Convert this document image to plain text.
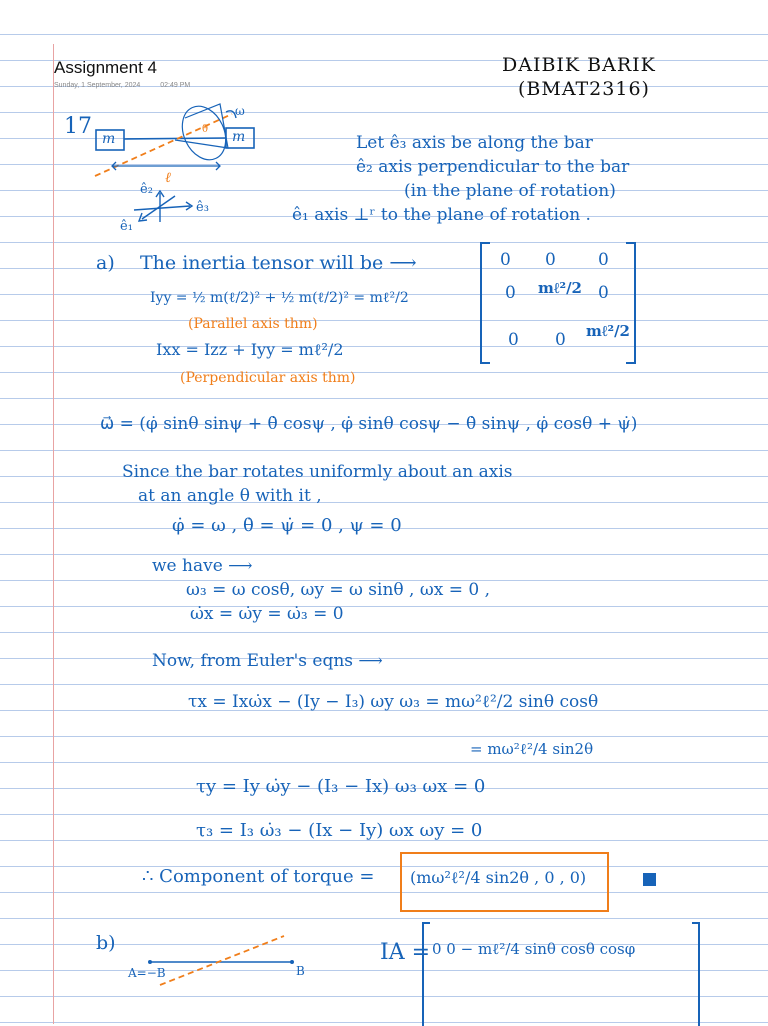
Assignment 4
Sunday, 1 September, 2024	02:49 PM
DAIBIK BARIK
(BMAT2316)
17 m	m
ℓ
θ
ω
ê₂
ê₃
ê₁
Let ê₃ axis be along the bar
ê₂ axis perpendicular to the bar
(in the plane of rotation)
ê₁ axis ⊥ʳ to the plane of rotation .
a) The inertia tensor will be ⟶	0 0 0
0 mℓ²/2 0
0 0 mℓ²/2
Iyy = ½ m(ℓ/2)² + ½ m(ℓ/2)² = mℓ²/2
(Parallel axis thm)
Ixx = Izz + Iyy = mℓ²/2
(Perpendicular axis thm)
ω⃗ = (φ̇ sinθ sinψ + θ̇ cosψ , φ̇ sinθ cosψ − θ̇ sinψ , φ̇ cosθ + ψ̇)
Since the bar rotates uniformly about an axis
at an angle θ with it ,
φ̇ = ω , θ̇ = ψ̇ = 0 , ψ = 0
we have ⟶
ω₃ = ω cosθ, ωy = ω sinθ , ωx = 0 ,
ω̇x = ω̇y = ω̇₃ = 0
Now, from Euler's eqns ⟶
τx = Ixω̇x − (Iy − I₃) ωy ω₃ = mω²ℓ²/2 sinθ cosθ
= mω²ℓ²/4 sin2θ
τy = Iy ω̇y − (I₃ − Ix) ω₃ ωx = 0
τ₃ = I₃ ω̇₃ − (Ix − Iy) ωx ωy = 0
∴ Component of torque = (mω²ℓ²/4 sin2θ , 0 , 0)
b)
A=−B	B
IA = 0 0 − mℓ²/4 sinθ cosθ cosφ
